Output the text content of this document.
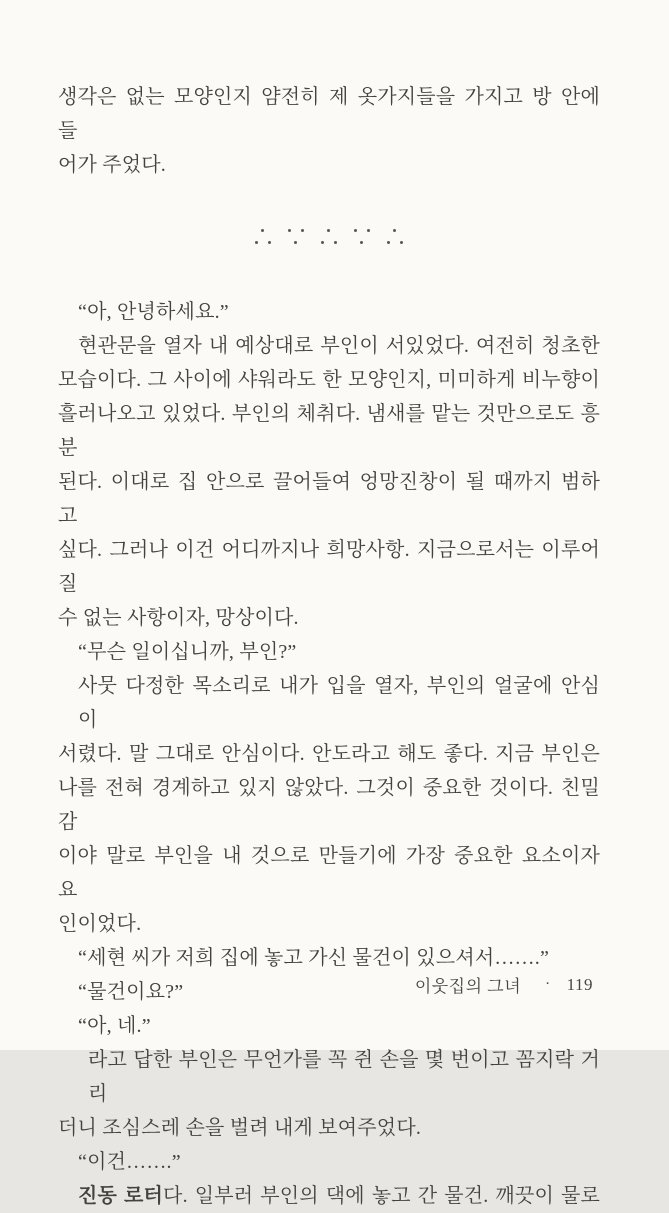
생각은 없는 모양인지 얌전히 제 옷가지들을 가지고 방 안에 들
어가 주었다.
“아, 안녕하세요.”
현관문을 열자 내 예상대로 부인이 서있었다. 여전히 청초한
모습이다. 그 사이에 샤워라도 한 모양인지, 미미하게 비누향이
흘러나오고 있었다. 부인의 체취다. 냄새를 맡는 것만으로도 흥분
된다. 이대로 집 안으로 끌어들여 엉망진창이 될 때까지 범하고
싶다. 그러나 이건 어디까지나 희망사항. 지금으로서는 이루어질
수 없는 사항이자, 망상이다.
“무슨 일이십니까, 부인?”
사뭇 다정한 목소리로 내가 입을 열자, 부인의 얼굴에 안심이
서렸다. 말 그대로 안심이다. 안도라고 해도 좋다. 지금 부인은
나를 전혀 경계하고 있지 않았다. 그것이 중요한 것이다. 친밀감
이야 말로 부인을 내 것으로 만들기에 가장 중요한 요소이자 요
인이었다.
“세현 씨가 저희 집에 놓고 가신 물건이 있으셔서…….”
“물건이요?”
“아, 네.”
라고 답한 부인은 무언가를 꼭 쥔 손을 몇 번이고 꼼지락 거리
더니 조심스레 손을 벌려 내게 보여주었다.
“이건…….”
진동 로터다. 일부러 부인의 댁에 놓고 간 물건. 깨끗이 물로
이웃집의 그녀 · 119
